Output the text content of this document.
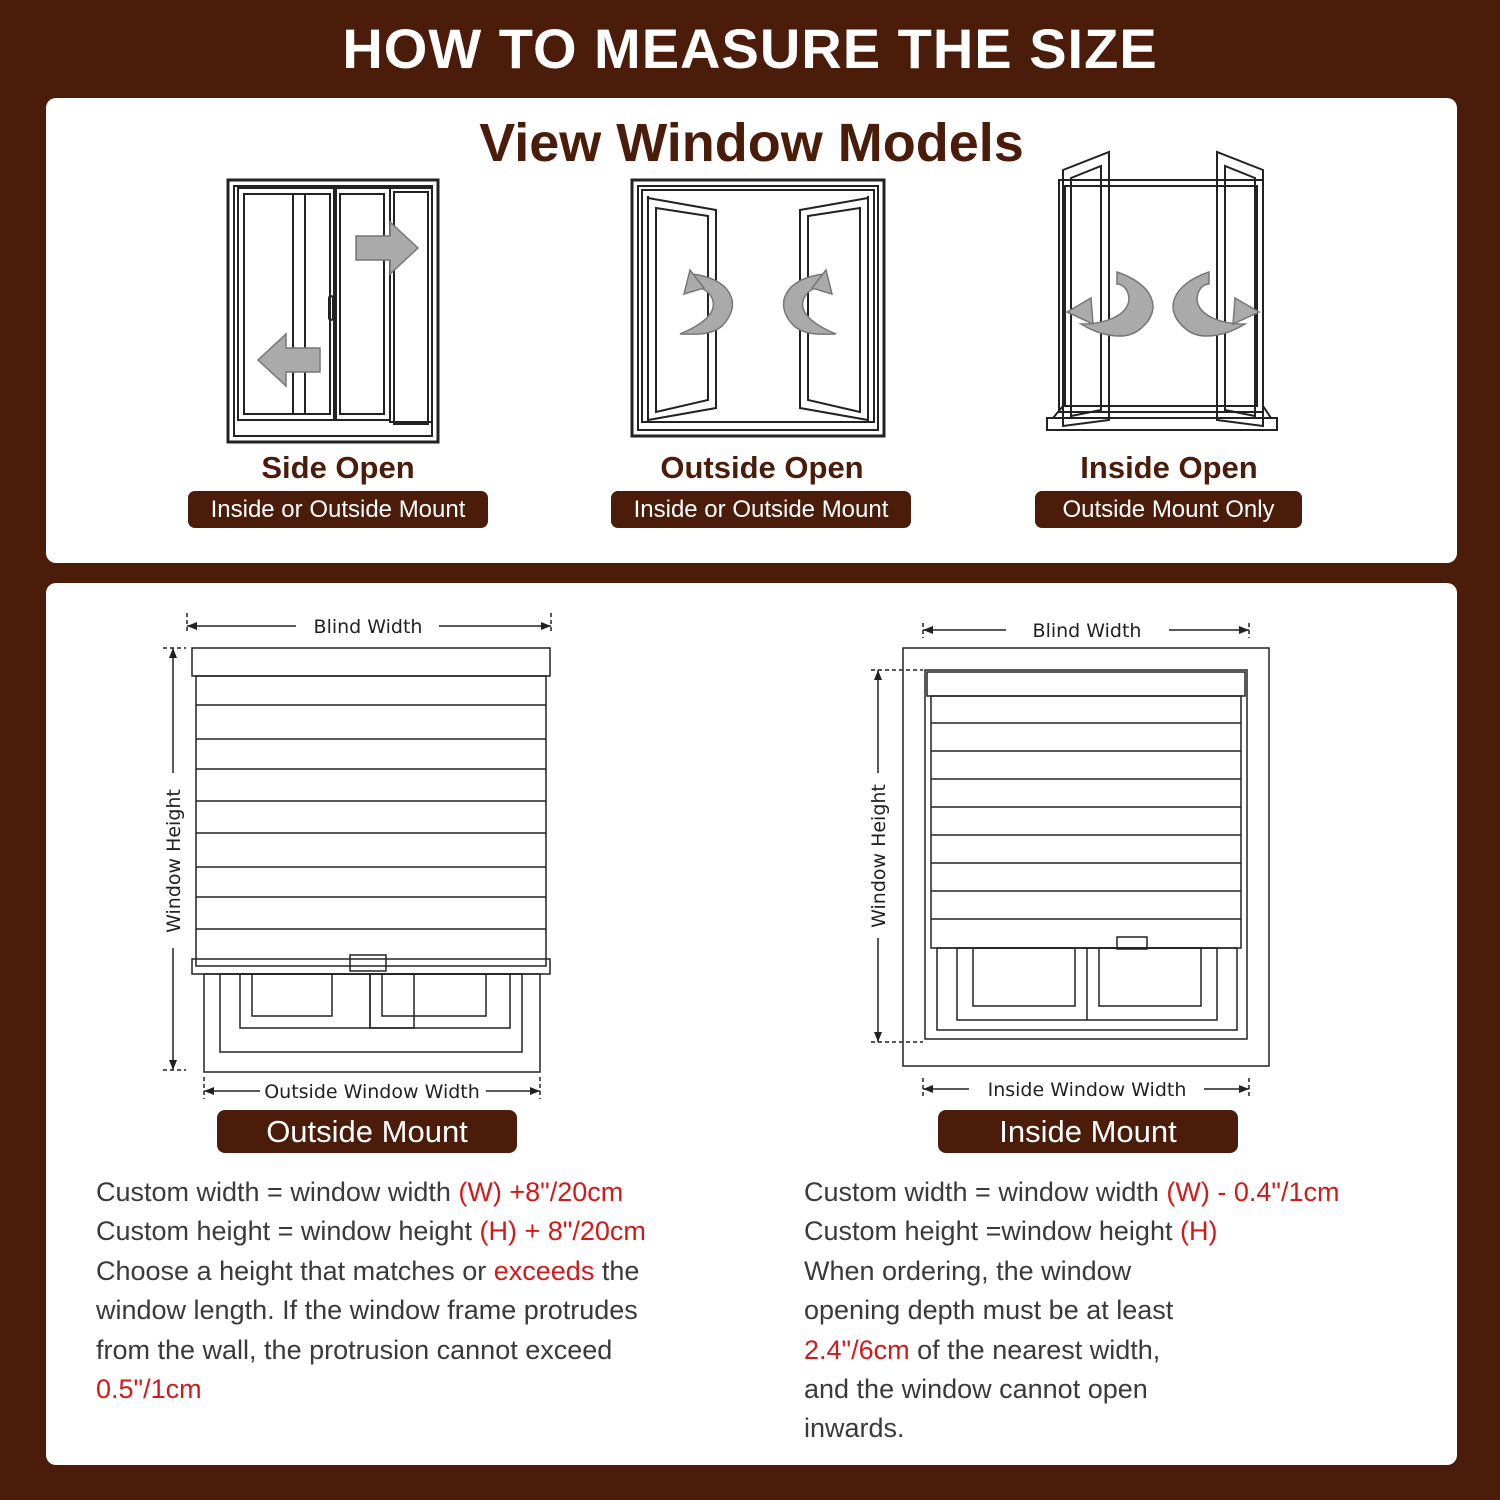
HOW TO MEASURE THE SIZE
View Window Models
Side Open
Inside or Outside Mount
Outside Open
Inside or Outside Mount
Inside Open
Outside Mount Only
Blind Width
Window Height
Outside Window Width
Blind Width
Window Height
Inside Window Width
Outside Mount	Inside Mount
Custom width = window width (W) +8"/20cm
Custom height = window height (H) + 8"/20cm
Choose a height that matches or exceeds the
window length. If the window frame protrudes
from the wall, the protrusion cannot exceed
0.5"/1cm
Custom width = window width (W) - 0.4"/1cm
Custom height =window height (H)
When ordering, the window
opening depth must be at least
2.4"/6cm of the nearest width,
and the window cannot open
inwards.
